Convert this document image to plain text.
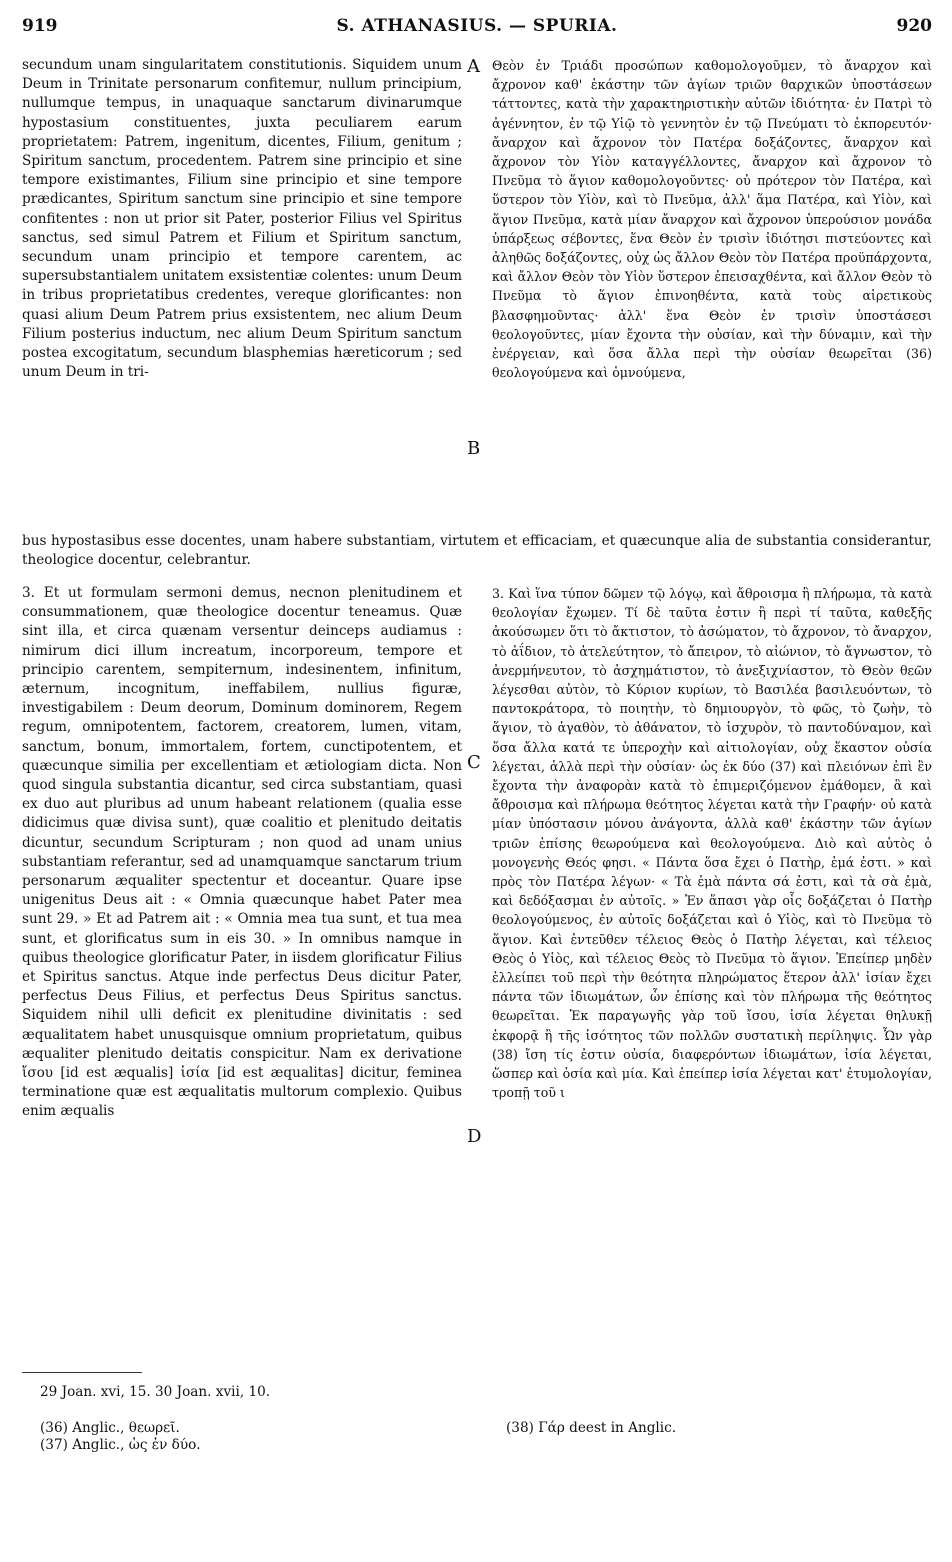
919	S. ATHANASIUS. — SPURIA.	920
secundum unam singularitatem constitutionis. Siquidem unum Deum in Trinitate personarum confitemur, nullum principium, nullumque tempus, in unaquaque sanctarum divinarumque hypostasium constituentes, juxta peculiarem earum proprietatem: Patrem, ingenitum, dicentes, Filium, genitum ; Spiritum sanctum, procedentem. Patrem sine principio et sine tempore existimantes, Filium sine principio et sine tempore prædicantes, Spiritum sanctum sine principio et sine tempore confitentes : non ut prior sit Pater, posterior Filius vel Spiritus sanctus, sed simul Patrem et Filium et Spiritum sanctum, secundum unam principio et tempore carentem, ac supersubstantialem unitatem exsistentiæ colentes: unum Deum in tribus proprietatibus credentes, vereque glorificantes: non quasi alium Deum Patrem prius exsistentem, nec alium Deum Filium posterius inductum, nec alium Deum Spiritum sanctum postea excogitatum, secundum blasphemias hæreticorum ; sed unum Deum in tri-
Θεὸν ἐν Τριάδι προσώπων καθομολογοῦμεν, τὸ ἄναρχον καὶ ἄχρονον καθ' ἑκάστην τῶν ἁγίων τριῶν θαρχικῶν ὑποστάσεων τάττοντες, κατὰ τὴν χαρακτηριστικὴν αὐτῶν ἰδιότητα· ἐν Πατρὶ τὸ ἀγέννητον, ἐν τῷ Υἱῷ τὸ γεννητὸν ἐν τῷ Πνεύματι τὸ ἐκπορευτόν· ἄναρχον καὶ ἄχρονον τὸν Πατέρα δοξάζοντες, ἄναρχον καὶ ἄχρονον τὸν Υἱὸν καταγγέλλοντες, ἄναρχον καὶ ἄχρονον τὸ Πνεῦμα τὸ ἅγιον καθομολογοῦντες· οὐ πρότερον τὸν Πατέρα, καὶ ὕστερον τὸν Υἱὸν, καὶ τὸ Πνεῦμα, ἀλλ' ἅμα Πατέρα, καὶ Υἱὸν, καὶ ἅγιον Πνεῦμα, κατὰ μίαν ἄναρχον καὶ ἄχρονον ὑπερούσιον μονάδα ὑπάρξεως σέβοντες, ἕνα Θεὸν ἐν τρισὶν ἰδιότησι πιστεύοντες καὶ ἀληθῶς δοξάζοντες, οὐχ ὡς ἄλλον Θεὸν τὸν Πατέρα προϋπάρχοντα, καὶ ἄλλον Θεὸν τὸν Υἱὸν ὕστερον ἐπεισαχθέντα, καὶ ἄλλον Θεὸν τὸ Πνεῦμα τὸ ἅγιον ἐπινοηθέντα, κατὰ τοὺς αἱρετικοὺς βλασφημοῦντας· ἀλλ' ἕνα Θεὸν ἐν τρισὶν ὑποστάσεσι θεολογοῦντες, μίαν ἔχοντα τὴν οὐσίαν, καὶ τὴν δύναμιν, καὶ τὴν ἐνέργειαν, καὶ ὅσα ἄλλα περὶ τὴν οὐσίαν θεωρεῖται (36) θεολογούμενα καὶ ὁμνούμενα,
A
B
C
D
bus hypostasibus esse docentes, unam habere substantiam, virtutem et efficaciam, et quæcunque alia de substantia considerantur, theologice docentur, celebrantur.
3. Et ut formulam sermoni demus, necnon plenitudinem et consummationem, quæ theologice docentur teneamus. Quæ sint illa, et circa quænam versentur deinceps audiamus : nimirum dici illum increatum, incorporeum, tempore et principio carentem, sempiternum, indesinentem, infinitum, æternum, incognitum, ineffabilem, nullius figuræ, investigabilem : Deum deorum, Dominum dominorem, Regem regum, omnipotentem, factorem, creatorem, lumen, vitam, sanctum, bonum, immortalem, fortem, cunctipotentem, et quæcunque similia per excellentiam et ætiologiam dicta. Non quod singula substantia dicantur, sed circa substantiam, quasi ex duo aut pluribus ad unum habeant relationem (qualia esse didicimus quæ divisa sunt), quæ coalitio et plenitudo deitatis dicuntur, secundum Scripturam ; non quod ad unam unius substantiam referantur, sed ad unamquamque sanctarum trium personarum æqualiter spectentur et doceantur. Quare ipse unigenitus Deus ait : « Omnia quæcunque habet Pater mea sunt 29. » Et ad Patrem ait : « Omnia mea tua sunt, et tua mea sunt, et glorificatus sum in eis 30. » In omnibus namque in quibus theologice glorificatur Pater, in iisdem glorificatur Filius et Spiritus sanctus. Atque inde perfectus Deus dicitur Pater, perfectus Deus Filius, et perfectus Deus Spiritus sanctus. Siquidem nihil ulli deficit ex plenitudine divinitatis : sed æqualitatem habet unusquisque omnium proprietatum, quibus æqualiter plenitudo deitatis conspicitur. Nam ex derivatione ἴσου [id est æqualis] ἰσία [id est æqualitas] dicitur, feminea terminatione quæ est æqualitatis multorum complexio. Quibus enim æqualis
3. Καὶ ἵνα τύπον δῶμεν τῷ λόγῳ, καὶ ἄθροισμα ἢ πλήρωμα, τὰ κατὰ θεολογίαν ἔχωμεν. Τί δὲ ταῦτα ἐστιν ἢ περὶ τί ταῦτα, καθεξῆς ἀκούσωμεν ὅτι τὸ ἄκτιστον, τὸ ἀσώματον, τὸ ἄχρονον, τὸ ἄναρχον, τὸ ἀΐδιον, τὸ ἀτελεύτητον, τὸ ἄπειρον, τὸ αἰώνιον, τὸ ἄγνωστον, τὸ ἀνερμήνευτον, τὸ ἀσχημάτιστον, τὸ ἀνεξιχνίαστον, τὸ Θεὸν θεῶν λέγεσθαι αὐτὸν, τὸ Κύριον κυρίων, τὸ Βασιλέα βασιλευόντων, τὸ παντοκράτορα, τὸ ποιητὴν, τὸ δημιουργὸν, τὸ φῶς, τὸ ζωὴν, τὸ ἅγιον, τὸ ἀγαθὸν, τὸ ἀθάνατον, τὸ ἰσχυρὸν, τὸ παντοδύναμον, καὶ ὅσα ἄλλα κατά τε ὑπεροχὴν καὶ αἰτιολογίαν, οὐχ ἕκαστον οὐσία λέγεται, ἀλλὰ περὶ τὴν οὐσίαν· ὡς ἐκ δύο (37) καὶ πλειόνων ἐπὶ ἓν ἔχοντα τὴν ἀναφορὰν κατὰ τὸ ἐπιμεριζόμενον ἐμάθομεν, ἃ καὶ ἄθροισμα καὶ πλήρωμα θεότητος λέγεται κατὰ τὴν Γραφήν· οὐ κατὰ μίαν ὑπόστασιν μόνου ἀνάγοντα, ἀλλὰ καθ' ἑκάστην τῶν ἁγίων τριῶν ἐπίσης θεωρούμενα καὶ θεολογούμενα. Διὸ καὶ αὐτὸς ὁ μονογενὴς Θεός φησι. « Πάντα ὅσα ἔχει ὁ Πατὴρ, ἐμά ἐστι. » καὶ πρὸς τὸν Πατέρα λέγων· « Τὰ ἐμὰ πάντα σά ἐστι, καὶ τὰ σὰ ἐμὰ, καὶ δεδόξασμαι ἐν αὐτοῖς. » Ἐν ἅπασι γὰρ οἷς δοξάζεται ὁ Πατὴρ θεολογούμενος, ἐν αὐτοῖς δοξάζεται καὶ ὁ Υἱὸς, καὶ τὸ Πνεῦμα τὸ ἅγιον. Καὶ ἐντεῦθεν τέλειος Θεὸς ὁ Πατὴρ λέγεται, καὶ τέλειος Θεὸς ὁ Υἱὸς, καὶ τέλειος Θεὸς τὸ Πνεῦμα τὸ ἅγιον. Ἐπείπερ μηδὲν ἐλλείπει τοῦ περὶ τὴν θεότητα πληρώματος ἕτερον ἀλλ' ἰσίαν ἔχει πάντα τῶν ἰδιωμάτων, ὧν ἐπίσης καὶ τὸν πλήρωμα τῆς θεότητος θεωρεῖται. Ἐκ παραγωγῆς γὰρ τοῦ ἴσου, ἰσία λέγεται θηλυκῇ ἐκφορᾷ ἢ τῆς ἰσότητος τῶν πολλῶν συστατικὴ περίληψις. Ὧν γὰρ (38) ἴση τίς ἐστιν οὐσία, διαφερόντων ἰδιωμάτων, ἰσία λέγεται, ὥσπερ καὶ ὁσία καὶ μία. Καὶ ἐπείπερ ἰσία λέγεται κατ' ἐτυμολογίαν, τροπῇ τοῦ ι
29 Joan. xvi, 15. 30 Joan. xvii, 10.
(36) Anglic., θεωρεῖ.
(37) Anglic., ὡς ἐν δύο.
(38) Γάρ deest in Anglic.
